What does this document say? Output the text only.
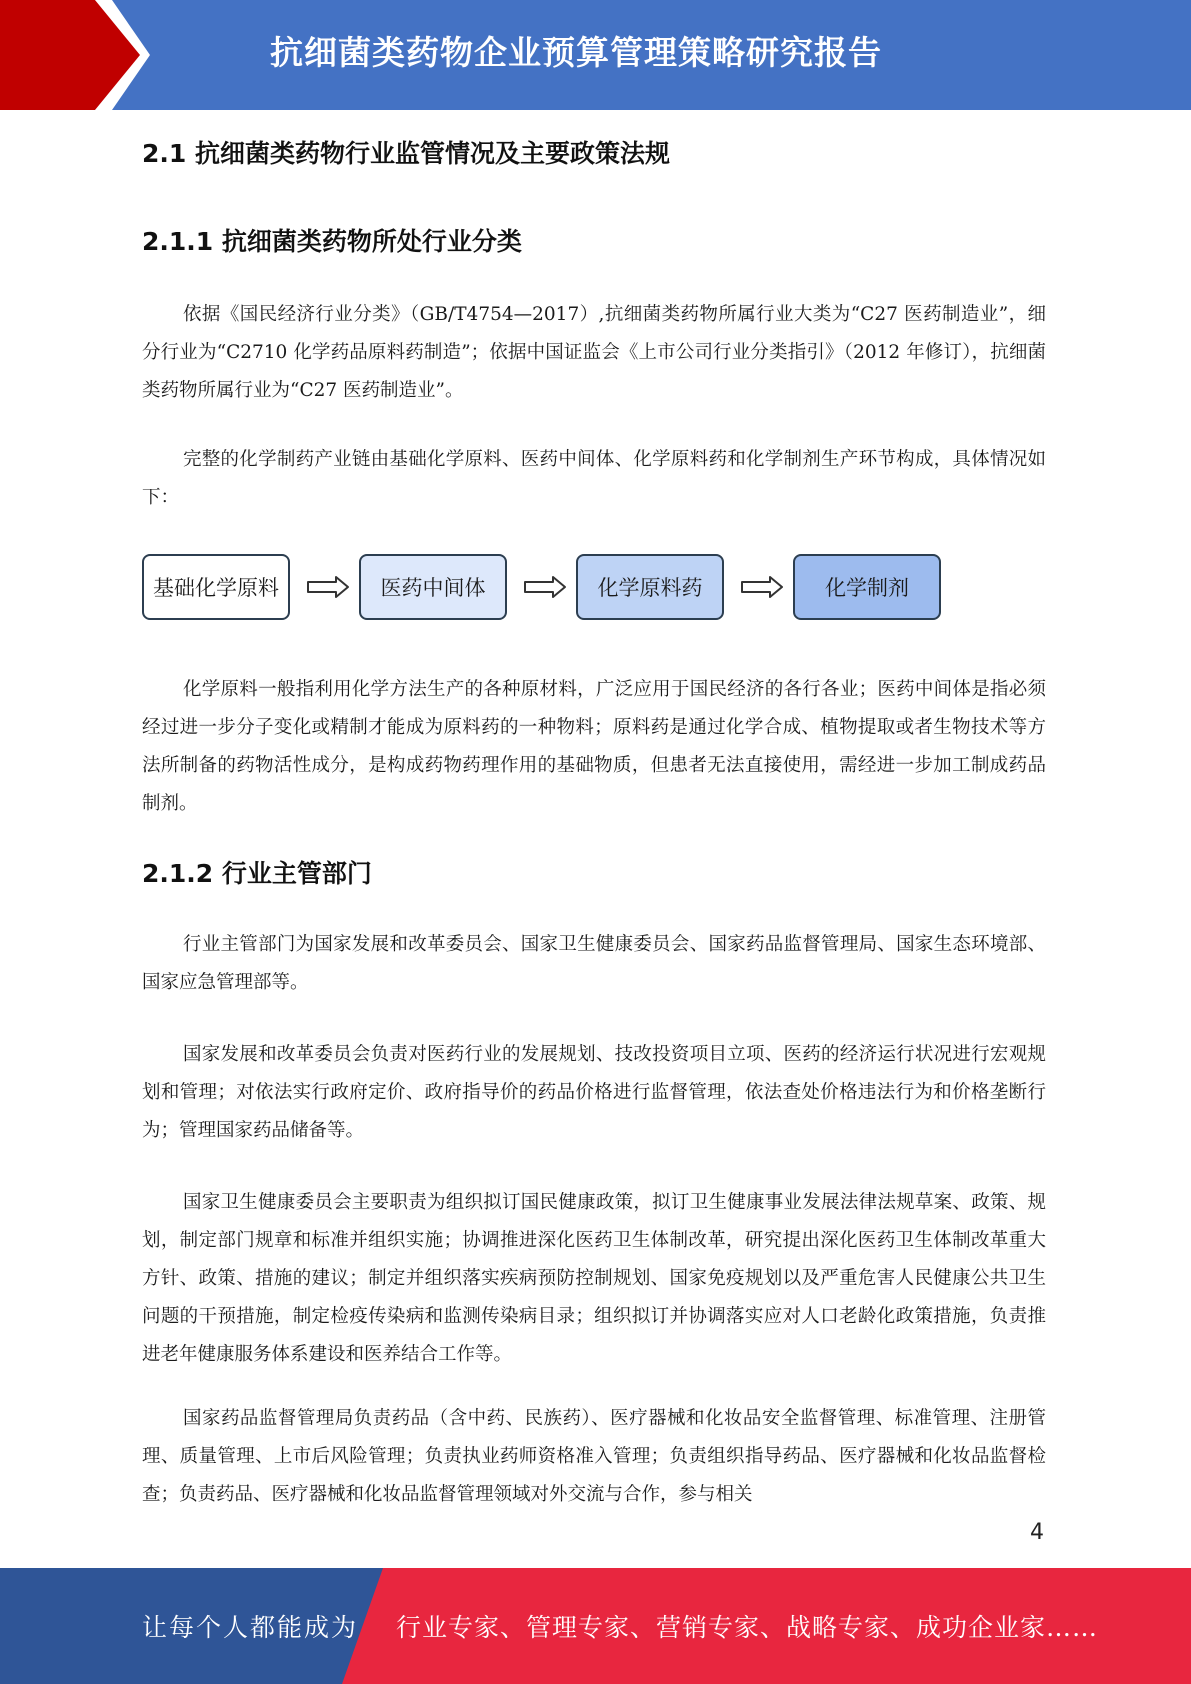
抗细菌类药物企业预算管理策略研究报告
2.1 抗细菌类药物行业监管情况及主要政策法规
2.1.1 抗细菌类药物所处行业分类

依据《国民经济行业分类》（GB/T4754—2017）,抗细菌类药物所属行业大类为“C27 医药制造业”，细分行业为“C2710 化学药品原料药制造”；依据中国证监会《上市公司行业分类指引》（2012 年修订），抗细菌类药物所属行业为“C27 医药制造业”。

完整的化学制药产业链由基础化学原料、医药中间体、化学原料药和化学制剂生产环节构成，具体情况如下：

基础化学原料	医药中间体	化学原料药	化学制剂

化学原料一般指利用化学方法生产的各种原材料，广泛应用于国民经济的各行各业；医药中间体是指必须经过进一步分子变化或精制才能成为原料药的一种物料；原料药是通过化学合成、植物提取或者生物技术等方法所制备的药物活性成分，是构成药物药理作用的基础物质，但患者无法直接使用，需经进一步加工制成药品制剂。

2.1.2 行业主管部门

行业主管部门为国家发展和改革委员会、国家卫生健康委员会、国家药品监督管理局、国家生态环境部、国家应急管理部等。

国家发展和改革委员会负责对医药行业的发展规划、技改投资项目立项、医药的经济运行状况进行宏观规划和管理；对依法实行政府定价、政府指导价的药品价格进行监督管理，依法查处价格违法行为和价格垄断行为；管理国家药品储备等。

国家卫生健康委员会主要职责为组织拟订国民健康政策，拟订卫生健康事业发展法律法规草案、政策、规划，制定部门规章和标准并组织实施；协调推进深化医药卫生体制改革，研究提出深化医药卫生体制改革重大方针、政策、措施的建议；制定并组织落实疾病预防控制规划、国家免疫规划以及严重危害人民健康公共卫生问题的干预措施，制定检疫传染病和监测传染病目录；组织拟订并协调落实应对人口老龄化政策措施，负责推进老年健康服务体系建设和医养结合工作等。

国家药品监督管理局负责药品（含中药、民族药）、医疗器械和化妆品安全监督管理、标准管理、注册管理、质量管理、上市后风险管理；负责执业药师资格准入管理；负责组织指导药品、医疗器械和化妆品监督检查；负责药品、医疗器械和化妆品监督管理领域对外交流与合作，参与相关

4
让每个人都能成为 行业专家、管理专家、营销专家、战略专家、成功企业家……
